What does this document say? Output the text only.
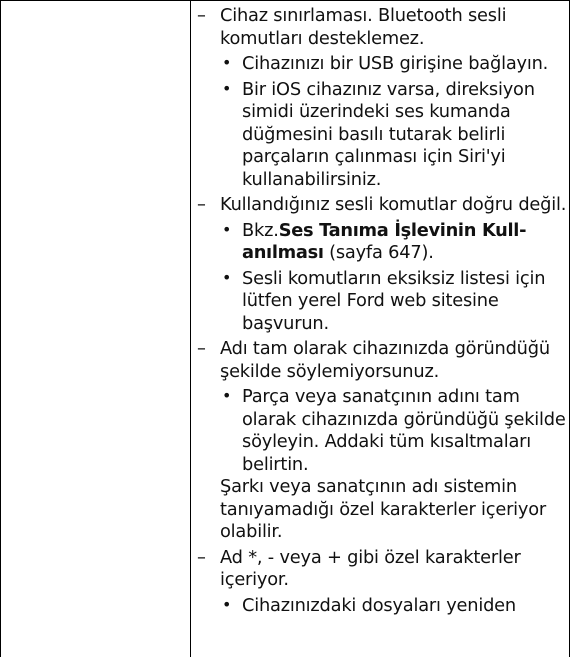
– Cihaz sınırlaması. Bluetooth sesli komutları desteklemez.
• Cihazınızı bir USB girişine bağlayın.
• Bir iOS cihazınız varsa, direksiyon simidi üzerindeki ses kumanda düğmesini basılı tutarak belirli parçaların çalınması için Siri'yi kullanabilirsiniz.
– Kullandığınız sesli komutlar doğru değil.
• Bkz.Ses Tanıma İşlevinin Kull-
anılması (sayfa 647).
• Sesli komutların eksiksiz listesi için lütfen yerel Ford web sitesine başvurun.
– Adı tam olarak cihazınızda göründüğü şekilde söylemiyorsunuz.
• Parça veya sanatçının adını tam olarak cihazınızda göründüğü şekilde söyleyin. Addaki tüm kısaltmaları belirtin.
Şarkı veya sanatçının adı sistemin tanıyamadığı özel karakterler içeriyor olabilir.
– Ad *, - veya + gibi özel karakterler içeriyor.
• Cihazınızdaki dosyaları yeniden
